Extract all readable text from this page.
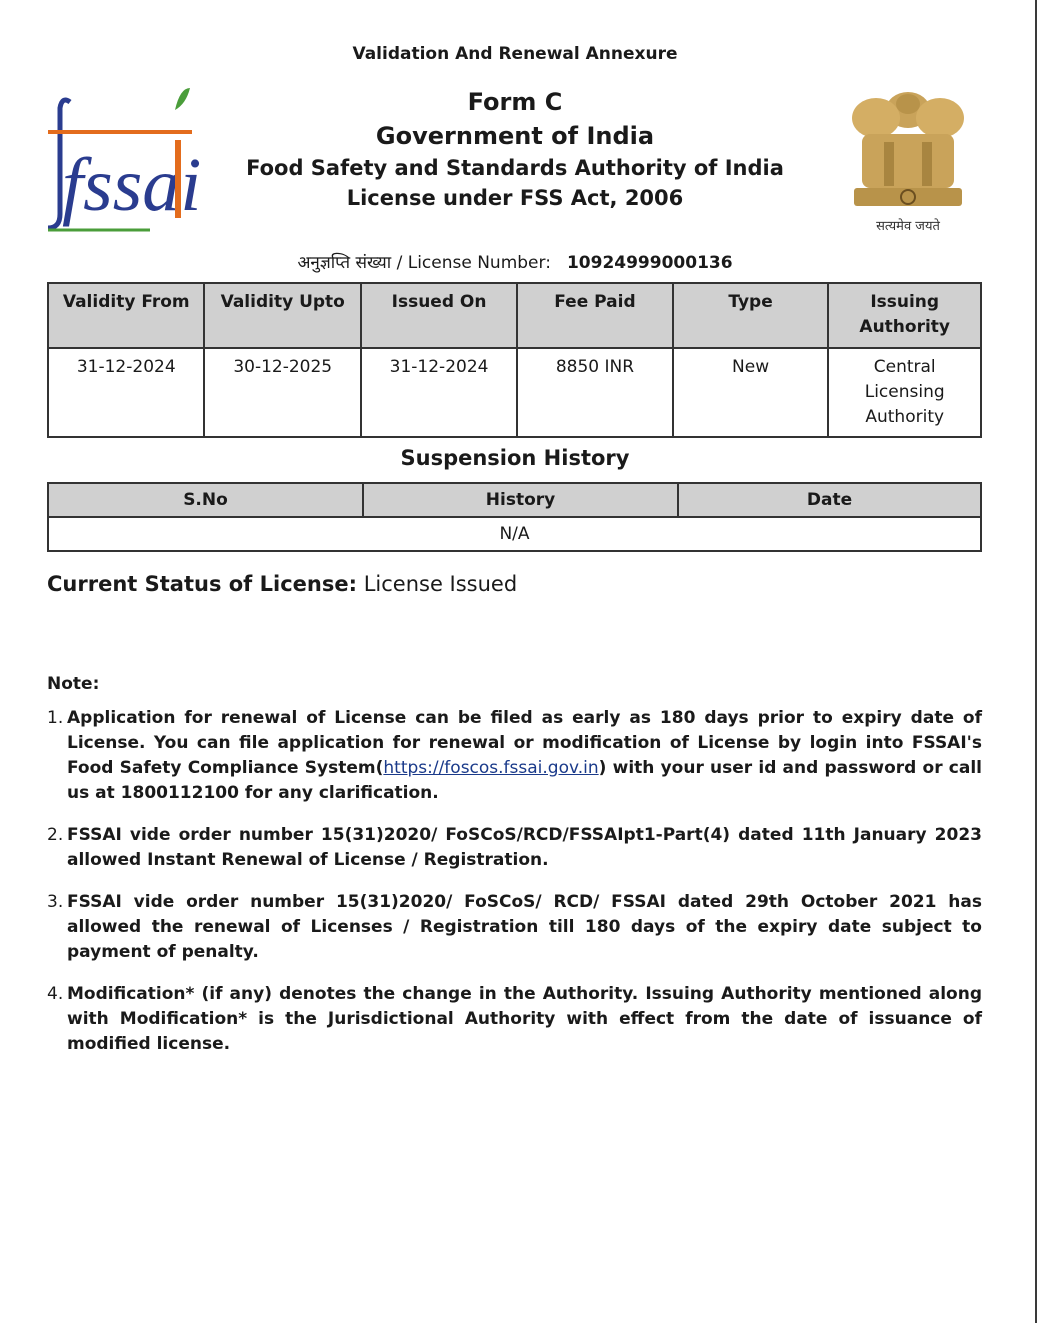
Validation And Renewal Annexure
fssai
Form C
Government of India
Food Safety and Standards Authority of India
License under FSS Act, 2006
सत्यमेव जयते
अनुज्ञप्ति संख्या / License Number: 10924999000136
Validity From	Validity Upto	Issued On	Fee Paid	Type	Issuing Authority
31-12-2024	30-12-2025	31-12-2024	8850 INR	New	Central Licensing Authority
Suspension History
S.No	History	Date
N/A
Current Status of License: License Issued
Note:
1. Application for renewal of License can be filed as early as 180 days prior to expiry date of License. You can file application for renewal or modification of License by login into FSSAI's Food Safety Compliance System(https://foscos.fssai.gov.in) with your user id and password or call us at 1800112100 for any clarification.
2. FSSAI vide order number 15(31)2020/ FoSCoS/RCD/FSSAIpt1-Part(4) dated 11th January 2023 allowed Instant Renewal of License / Registration.
3. FSSAI vide order number 15(31)2020/ FoSCoS/ RCD/ FSSAI dated 29th October 2021 has allowed the renewal of Licenses / Registration till 180 days of the expiry date subject to payment of penalty.
4. Modification* (if any) denotes the change in the Authority. Issuing Authority mentioned along with Modification* is the Jurisdictional Authority with effect from the date of issuance of modified license.
